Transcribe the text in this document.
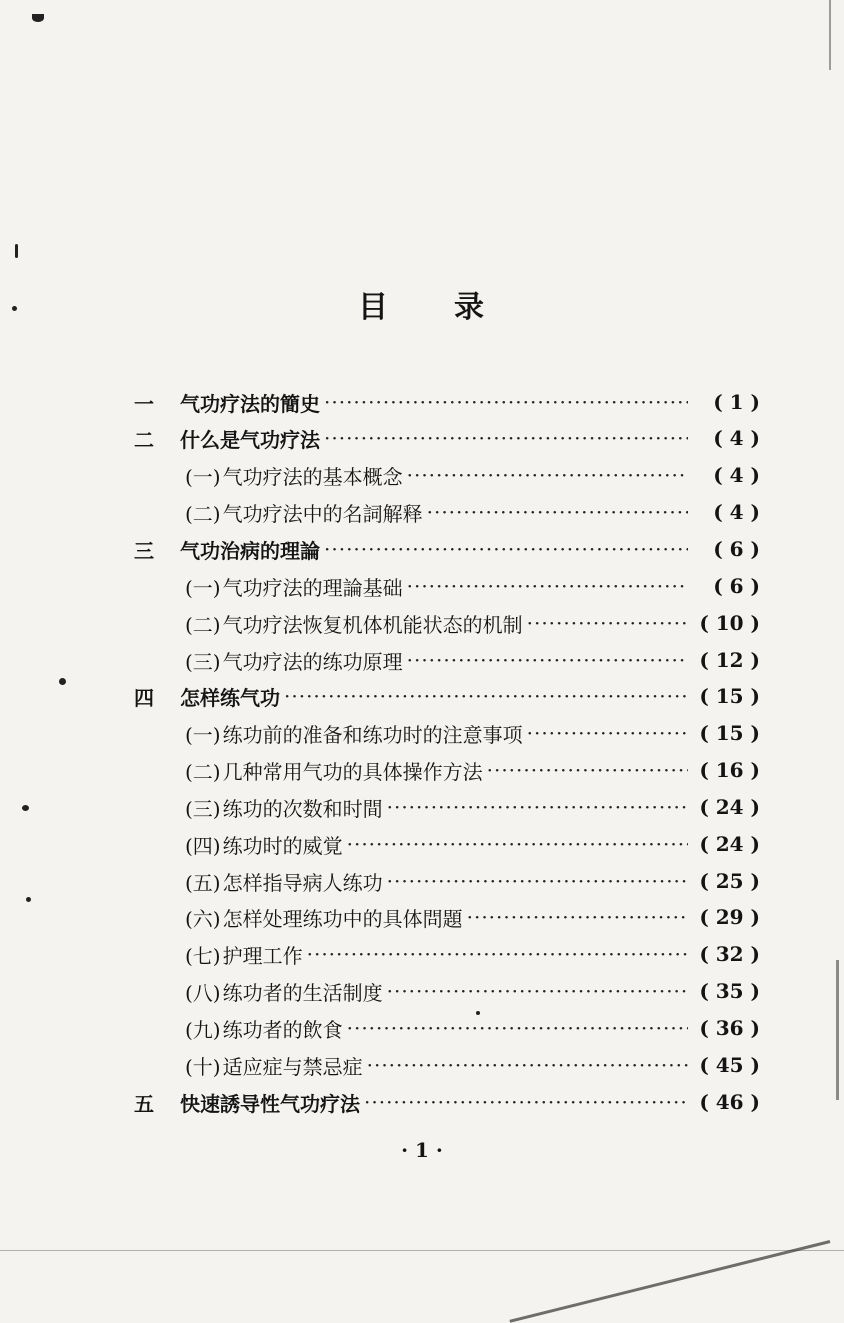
目 录
一	气功疗法的簡史 ·····	( 1 )
二	什么是气功疗法 ·····	( 4 )
(一) 气功疗法的基本概念 ·····	( 4 )
(二) 气功疗法中的名詞解释 ·····	( 4 )
三	气功治病的理論 ·····	( 6 )
(一) 气功疗法的理論基础 ·····	( 6 )
(二) 气功疗法恢复机体机能状态的机制 ·····	( 10 )
(三) 气功疗法的练功原理 ·····	( 12 )
四	怎样练气功 ·····	( 15 )
(一) 练功前的准备和练功时的注意事项 ·····	( 15 )
(二) 几种常用气功的具体操作方法 ·····	( 16 )
(三) 练功的次数和时間 ·····	( 24 )
(四) 练功时的威覚 ·····	( 24 )
(五) 怎样指导病人练功 ·····	( 25 )
(六) 怎样处理练功中的具体問題 ·····	( 29 )
(七) 护理工作 ·····	( 32 )
(八) 练功者的生活制度 ·····	( 35 )
(九) 练功者的飲食 ·····	( 36 )
(十) 适应症与禁忌症 ·····	( 45 )
五	快速誘导性气功疗法 ·····	( 46 )
· 1 ·
